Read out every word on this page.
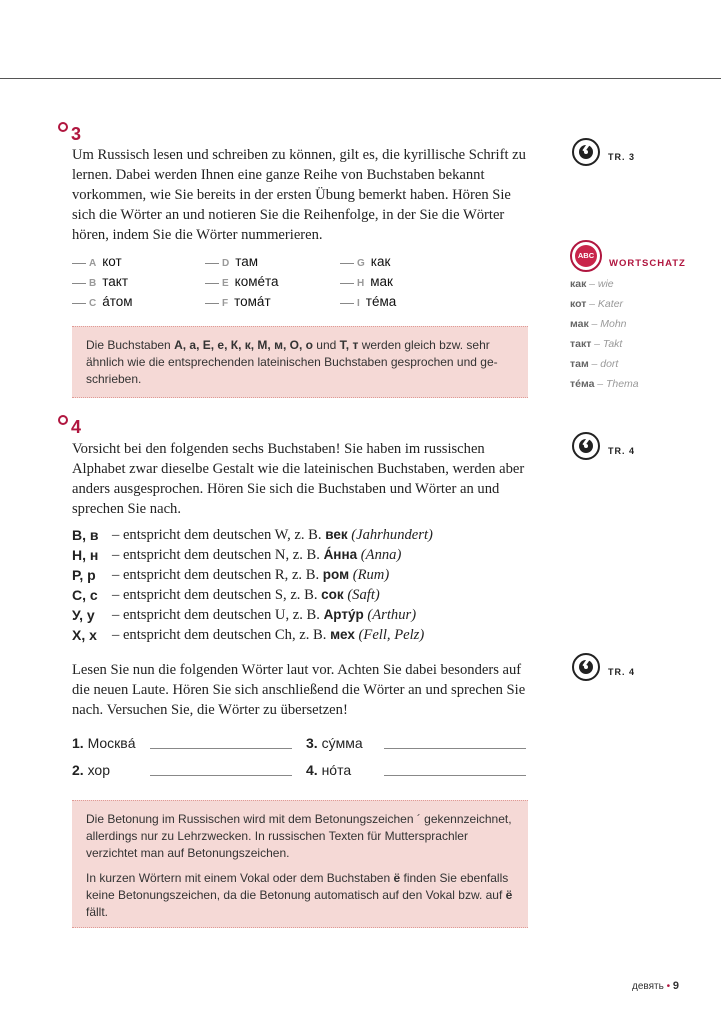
3
Um Russisch lesen und schreiben zu können, gilt es, die kyrillische Schrift zu lernen. Dabei werden Ihnen eine ganze Reihe von Buchstaben bekannt vorkommen, wie Sie bereits in der ersten Übung bemerkt haben. Hören Sie sich die Wörter an und notieren Sie die Reihenfolge, in der Sie die Wörter hören, indem Sie die Wörter nummerieren.
A кот	D там	G как
B такт	E комéта	H мак
C áтом	F томáт	I тéма

Die Buchstaben А, а, Е, е, К, к, М, м, О, о und Т, т werden gleich bzw. sehr ähnlich wie die entsprechenden lateinischen Buchstaben gesprochen und geschrieben.

4
Vorsicht bei den folgenden sechs Buchstaben! Sie haben im russischen Alphabet zwar dieselbe Gestalt wie die lateinischen Buchstaben, werden aber anders ausgesprochen. Hören Sie sich die Buchstaben und Wörter an und sprechen Sie nach.
В, в – entspricht dem deutschen W, z. B. век (Jahrhundert)
Н, н – entspricht dem deutschen N, z. B. Áнна (Anna)
Р, р – entspricht dem deutschen R, z. B. ром (Rum)
С, с – entspricht dem deutschen S, z. B. сок (Saft)
У, у – entspricht dem deutschen U, z. B. Артýр (Arthur)
Х, х – entspricht dem deutschen Ch, z. B. мех (Fell, Pelz)
Lesen Sie nun die folgenden Wörter laut vor. Achten Sie dabei besonders auf die neuen Laute. Hören Sie sich anschließend die Wörter an und sprechen Sie nach. Versuchen Sie, die Wörter zu übersetzen!
1. Москвá	3. сýмма
2. хор	4. нóта

Die Betonung im Russischen wird mit dem Betonungszeichen ´ gekennzeichnet, allerdings nur zu Lehrzwecken. In russischen Texten für Muttersprachler verzichtet man auf Betonungszeichen.

In kurzen Wörtern mit einem Vokal oder dem Buchstaben ё finden Sie ebenfalls keine Betonungszeichen, da die Betonung automatisch auf den Vokal bzw. auf ё fällt.

TR. 3
ABC
WORTSCHATZ
как – wie
кот – Kater
мак – Mohn
такт – Takt
там – dort
тéма – Thema
TR. 4
TR. 4
девять • 9
